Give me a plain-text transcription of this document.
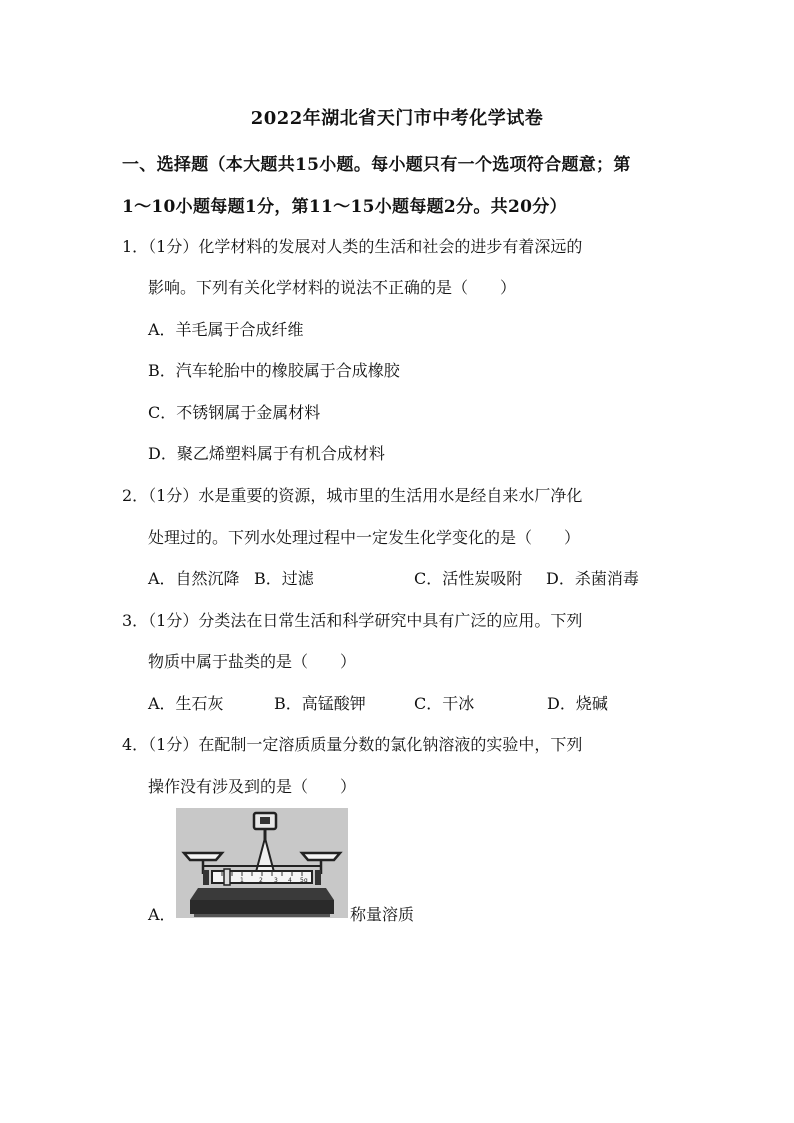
2022年湖北省天门市中考化学试卷
一、选择题（本大题共15小题。每小题只有一个选项符合题意；第
1～10小题每题1分，第11～15小题每题2分。共20分）
1．（1分）化学材料的发展对人类的生活和社会的进步有着深远的
影响。下列有关化学材料的说法不正确的是（　　）
A．羊毛属于合成纤维
B．汽车轮胎中的橡胶属于合成橡胶
C．不锈钢属于金属材料
D．聚乙烯塑料属于有机合成材料
2．（1分）水是重要的资源，城市里的生活用水是经自来水厂净化
处理过的。下列水处理过程中一定发生化学变化的是（　　）
A．自然沉降 B．过滤	C．活性炭吸附 D．杀菌消毒
3．（1分）分类法在日常生活和科学研究中具有广泛的应用。下列
物质中属于盐类的是（　　）
A．生石灰	B．高锰酸钾	C．干冰	D．烧碱
4．（1分）在配制一定溶质质量分数的氯化钠溶液的实验中，下列
操作没有涉及到的是（　　）
A．
1	2 3 4 5g
称量溶质
